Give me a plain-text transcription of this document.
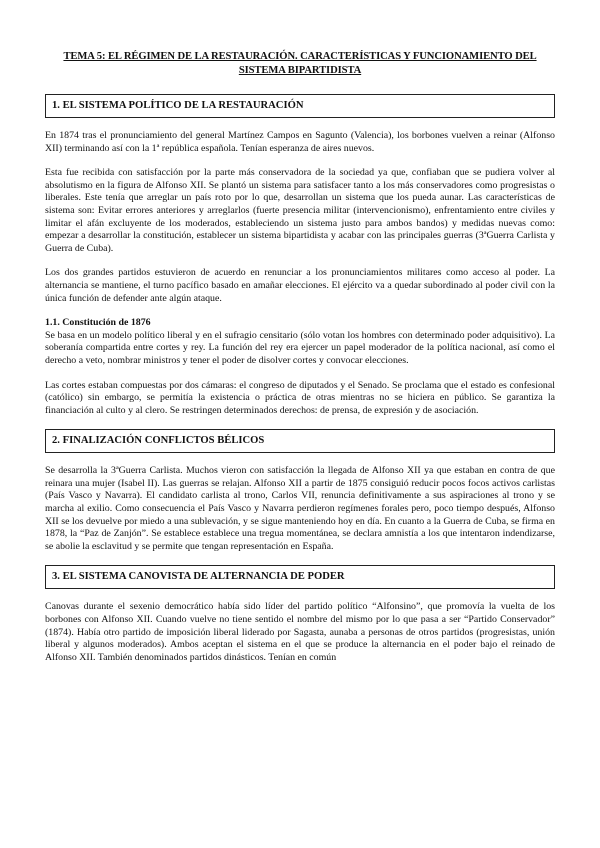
TEMA 5: EL RÉGIMEN DE LA RESTAURACIÓN. CARACTERÍSTICAS Y FUNCIONAMIENTO DEL SISTEMA BIPARTIDISTA
1. EL SISTEMA POLÍTICO DE LA RESTAURACIÓN

En 1874 tras el pronunciamiento del general Martínez Campos en Sagunto (Valencia), los borbones vuelven a reinar (Alfonso XII) terminando así con la 1ª república española. Tenían esperanza de aires nuevos.

Esta fue recibida con satisfacción por la parte más conservadora de la sociedad ya que, confiaban que se pudiera volver al absolutismo en la figura de Alfonso XII. Se plantó un sistema para satisfacer tanto a los más conservadores como progresistas o liberales. Este tenía que arreglar un país roto por lo que, desarrollan un sistema que los pueda aunar. Las características de sistema son: Evitar errores anteriores y arreglarlos (fuerte presencia militar (intervencionismo), enfrentamiento entre civiles y limitar el afán excluyente de los moderados, estableciendo un sistema justo para ambos bandos) y medidas nuevas como: empezar a desarrollar la constitución, establecer un sistema bipartidista y acabar con las principales guerras (3ªGuerra Carlista y Guerra de Cuba).

Los dos grandes partidos estuvieron de acuerdo en renunciar a los pronunciamientos militares como acceso al poder. La alternancia se mantiene, el turno pacífico basado en amañar elecciones. El ejército va a quedar subordinado al poder civil con la única función de defender ante algún ataque.

1.1. Constitución de 1876

Se basa en un modelo político liberal y en el sufragio censitario (sólo votan los hombres con determinado poder adquisitivo). La soberanía compartida entre cortes y rey. La función del rey era ejercer un papel moderador de la política nacional, así como el derecho a veto, nombrar ministros y tener el poder de disolver cortes y convocar elecciones.

Las cortes estaban compuestas por dos cámaras: el congreso de diputados y el Senado. Se proclama que el estado es confesional (católico) sin embargo, se permitía la existencia o práctica de otras mientras no se hiciera en público. Se garantiza la financiación al culto y al clero. Se restringen determinados derechos: de prensa, de expresión y de asociación.

2. FINALIZACIÓN CONFLICTOS BÉLICOS

Se desarrolla la 3ªGuerra Carlista. Muchos vieron con satisfacción la llegada de Alfonso XII ya que estaban en contra de que reinara una mujer (Isabel II). Las guerras se relajan. Alfonso XII a partir de 1875 consiguió reducir pocos focos activos carlistas (País Vasco y Navarra). El candidato carlista al trono, Carlos VII, renuncia definitivamente a sus aspiraciones al trono y se marcha al exilio. Como consecuencia el País Vasco y Navarra perdieron regímenes forales pero, poco tiempo después, Alfonso XII se los devuelve por miedo a una sublevación, y se sigue manteniendo hoy en día. En cuanto a la Guerra de Cuba, se firma en 1878, la “Paz de Zanjón”. Se establece establece una tregua momentánea, se declara amnistía a los que intentaron indendizarse, se abolie la esclavitud y se permite que tengan representación en España.

3. EL SISTEMA CANOVISTA DE ALTERNANCIA DE PODER

Canovas durante el sexenio democrático había sido líder del partido político “Alfonsino”, que promovía la vuelta de los borbones con Alfonso XII. Cuando vuelve no tiene sentido el nombre del mismo por lo que pasa a ser “Partido Conservador” (1874). Había otro partido de imposición liberal liderado por Sagasta, aunaba a personas de otros partidos (progresistas, unión liberal y algunos moderados). Ambos aceptan el sistema en el que se produce la alternancia en el poder bajo el reinado de Alfonso XII. También denominados partidos dinásticos. Tenían en común
